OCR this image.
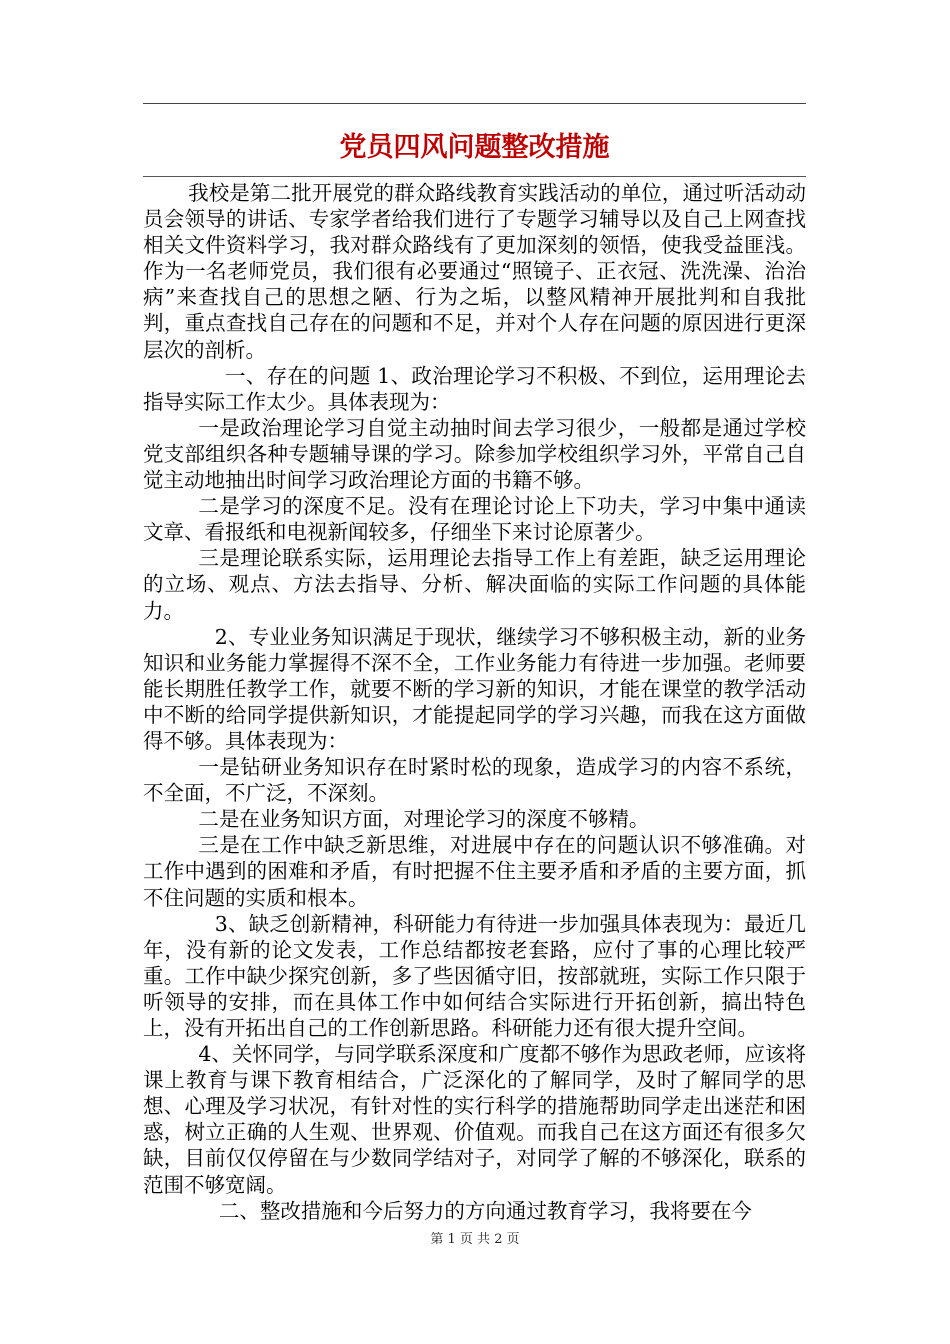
党员四风问题整改措施

我校是第二批开展党的群众路线教育实践活动的单位，通过听活动动员会领导的讲话、专家学者给我们进行了专题学习辅导以及自己上网查找相关文件资料学习，我对群众路线有了更加深刻的领悟，使我受益匪浅。作为一名老师党员，我们很有必要通过“照镜子、正衣冠、洗洗澡、治治病”来查找自己的思想之陋、行为之垢，以整风精神开展批判和自我批判，重点查找自己存在的问题和不足，并对个人存在问题的原因进行更深层次的剖析。

一、存在的问题 1、政治理论学习不积极、不到位，运用理论去指导实际工作太少。具体表现为：

一是政治理论学习自觉主动抽时间去学习很少，一般都是通过学校党支部组织各种专题辅导课的学习。除参加学校组织学习外，平常自己自觉主动地抽出时间学习政治理论方面的书籍不够。

二是学习的深度不足。没有在理论讨论上下功夫，学习中集中通读文章、看报纸和电视新闻较多，仔细坐下来讨论原著少。

三是理论联系实际，运用理论去指导工作上有差距，缺乏运用理论的立场、观点、方法去指导、分析、解决面临的实际工作问题的具体能力。

2、专业业务知识满足于现状，继续学习不够积极主动，新的业务知识和业务能力掌握得不深不全，工作业务能力有待进一步加强。老师要能长期胜任教学工作，就要不断的学习新的知识，才能在课堂的教学活动中不断的给同学提供新知识，才能提起同学的学习兴趣，而我在这方面做得不够。具体表现为：

一是钻研业务知识存在时紧时松的现象，造成学习的内容不系统，不全面，不广泛，不深刻。

二是在业务知识方面，对理论学习的深度不够精。

三是在工作中缺乏新思维，对进展中存在的问题认识不够准确。对工作中遇到的困难和矛盾，有时把握不住主要矛盾和矛盾的主要方面，抓不住问题的实质和根本。

3、缺乏创新精神，科研能力有待进一步加强具体表现为：最近几年，没有新的论文发表，工作总结都按老套路，应付了事的心理比较严重。工作中缺少探究创新，多了些因循守旧，按部就班，实际工作只限于听领导的安排，而在具体工作中如何结合实际进行开拓创新，搞出特色上，没有开拓出自己的工作创新思路。科研能力还有很大提升空间。

4、关怀同学，与同学联系深度和广度都不够作为思政老师，应该将课上教育与课下教育相结合，广泛深化的了解同学，及时了解同学的思想、心理及学习状况，有针对性的实行科学的措施帮助同学走出迷茫和困惑，树立正确的人生观、世界观、价值观。而我自己在这方面还有很多欠缺，目前仅仅停留在与少数同学结对子，对同学了解的不够深化，联系的范围不够宽阔。

二、整改措施和今后努力的方向通过教育学习，我将要在今

第 1 页 共 2 页
